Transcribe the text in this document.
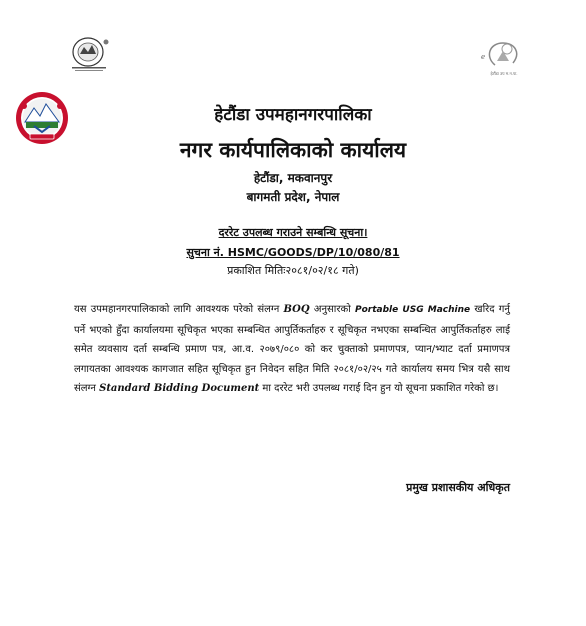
e
हेटौंडा उप म.न.पा.
हेटौंडा उपमहानगरपालिका
नगर कार्यपालिकाको कार्यालय
हेटौंडा, मकवानपुर
बागमती प्रदेश, नेपाल
दररेट उपलब्ध गराउने सम्बन्धि सूचना।
सुचना नं. HSMC/GOODS/DP/10/080/81
प्रकाशित मितिः२०८१/०२/१८ गते)
यस उपमहानगरपालिकाको लागि आवश्यक परेको संलग्न BOQ अनुसारको Portable USG Machine खरिद गर्नु पर्ने भएको हुँदा कार्यालयमा सूचिकृत भएका सम्बन्धित आपुर्तिकर्ताहरु र सूचिकृत नभएका सम्बन्धित आपुर्तिकर्ताहरु लाई समेत व्यवसाय दर्ता सम्बन्धि प्रमाण पत्र, आ.व. २०७९/०८० को कर चुक्ताको प्रमाणपत्र, प्यान/भ्याट दर्ता प्रमाणपत्र लगायतका आवश्यक कागजात सहित सूचिकृत हुन निवेदन सहित मिति २०८१/०२/२५ गते कार्यालय समय भित्र यसै साथ संलग्न Standard Bidding Document मा दररेट भरी उपलब्ध गराई दिन हुन यो सूचना प्रकाशित गरेको छ।
प्रमुख प्रशासकीय अधिकृत
